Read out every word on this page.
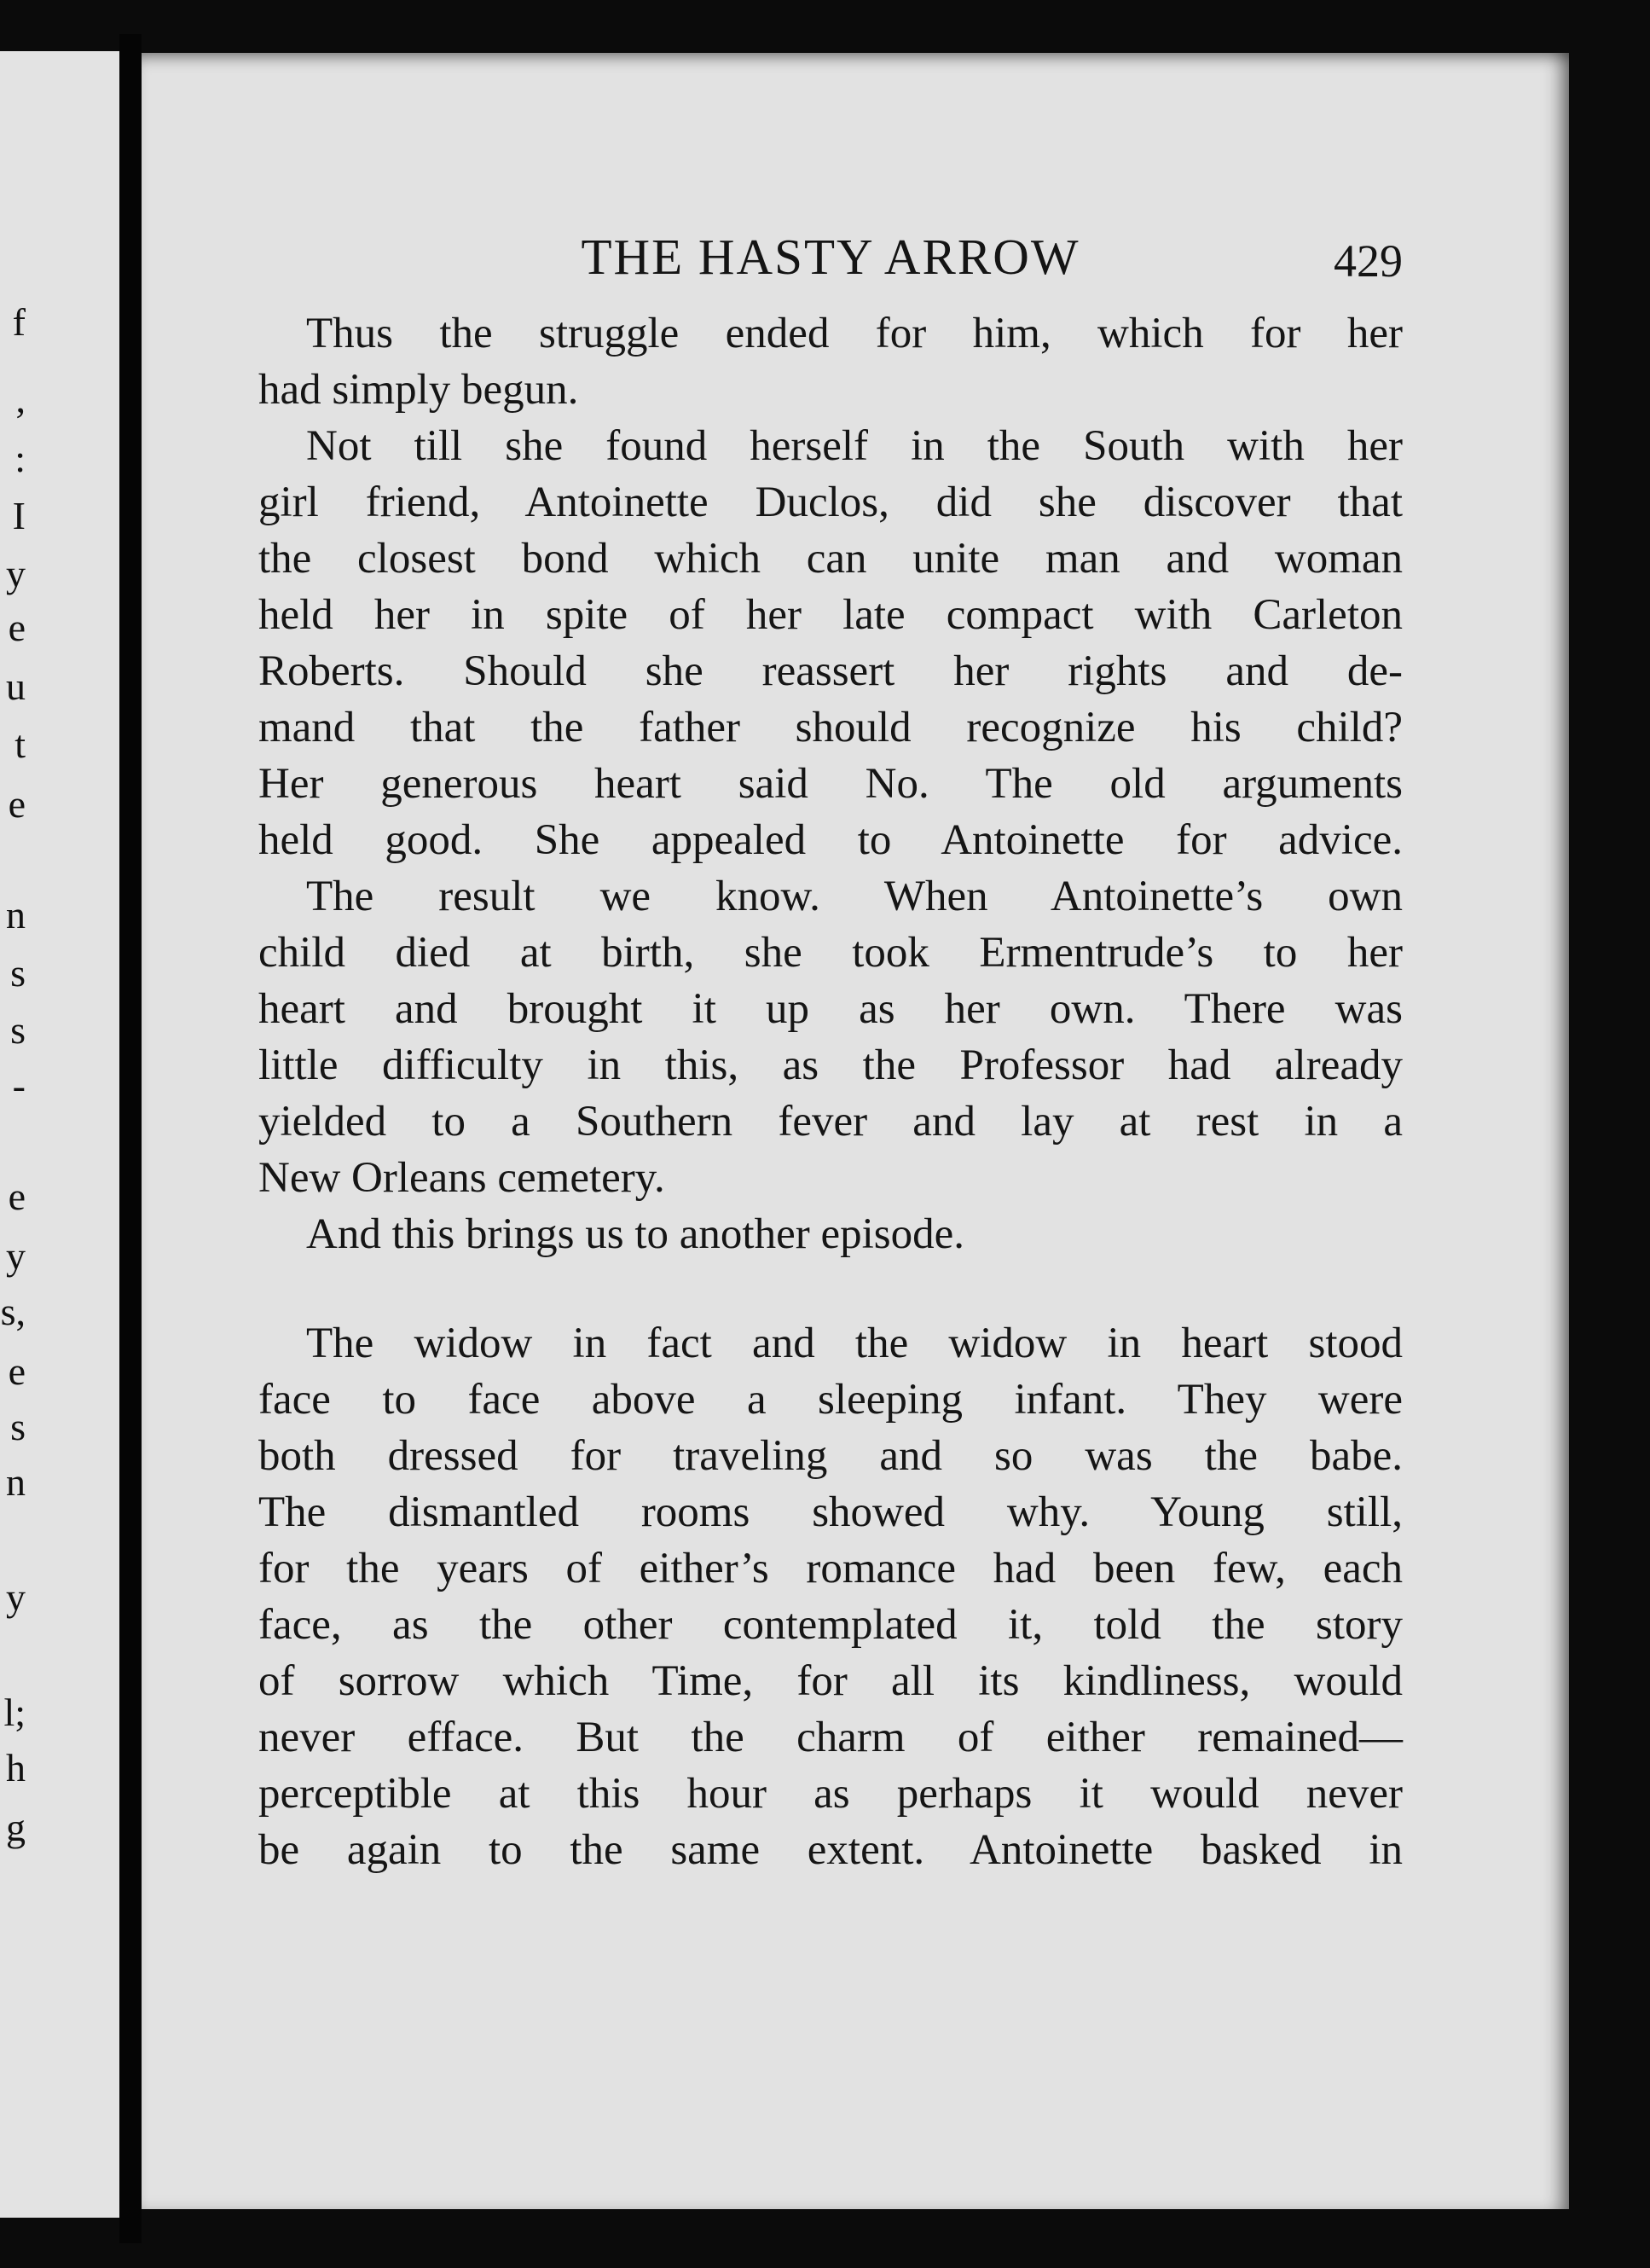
f
,
:
I
y
e
u
t
e
n
s
s
-
e
y
s,
e
s
n
y
l;
h
g
THE HASTY ARROW	429
Thus the struggle ended for him, which for her
had simply begun.
Not till she found herself in the South with her
girl friend, Antoinette Duclos, did she discover that
the closest bond which can unite man and woman
held her in spite of her late compact with Carleton
Roberts. Should she reassert her rights and de-
mand that the father should recognize his child?
Her generous heart said No. The old arguments
held good. She appealed to Antoinette for advice.
The result we know. When Antoinette’s own
child died at birth, she took Ermentrude’s to her
heart and brought it up as her own. There was
little difficulty in this, as the Professor had already
yielded to a Southern fever and lay at rest in a
New Orleans cemetery.
And this brings us to another episode.
The widow in fact and the widow in heart stood
face to face above a sleeping infant. They were
both dressed for traveling and so was the babe.
The dismantled rooms showed why. Young still,
for the years of either’s romance had been few, each
face, as the other contemplated it, told the story
of sorrow which Time, for all its kindliness, would
never efface. But the charm of either remained—
perceptible at this hour as perhaps it would never
be again to the same extent. Antoinette basked in
